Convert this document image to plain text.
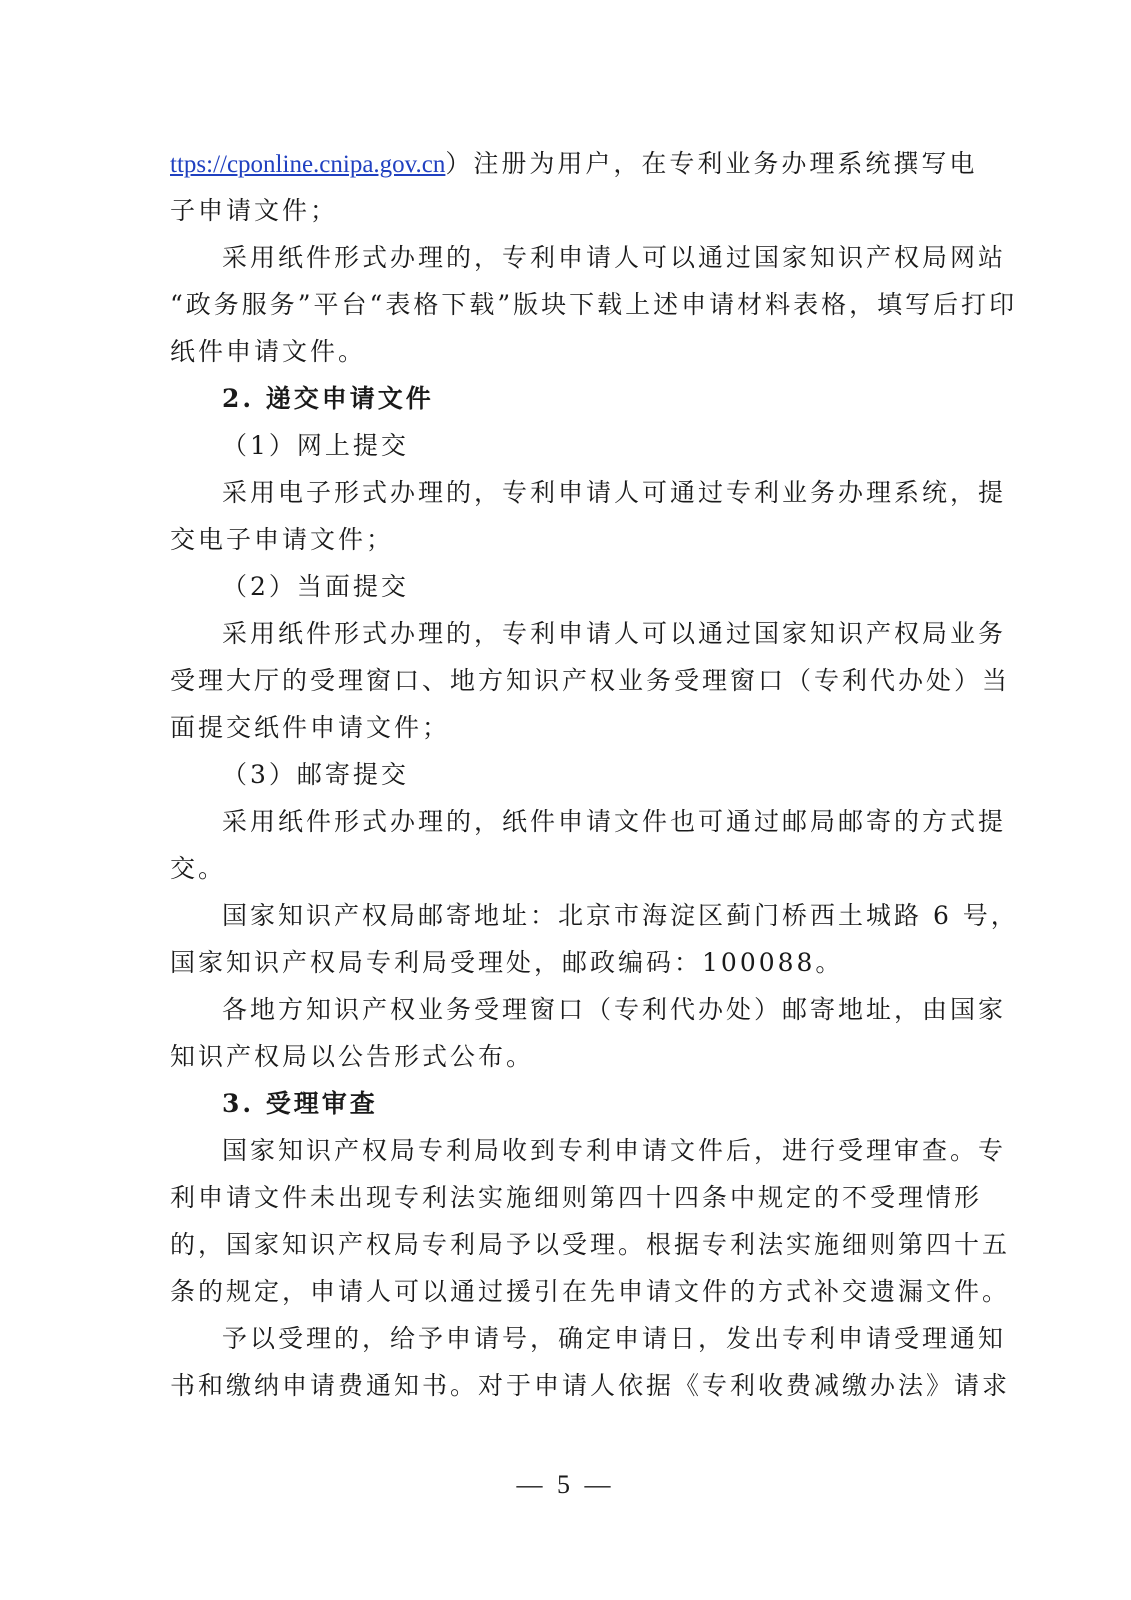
ttps://cponline.cnipa.gov.cn）注册为用户，在专利业务办理系统撰写电
子申请文件；
采用纸件形式办理的，专利申请人可以通过国家知识产权局网站
“政务服务”平台“表格下载”版块下载上述申请材料表格，填写后打印
纸件申请文件。
2. 递交申请文件
（1）网上提交
采用电子形式办理的，专利申请人可通过专利业务办理系统，提
交电子申请文件；
（2）当面提交
采用纸件形式办理的，专利申请人可以通过国家知识产权局业务
受理大厅的受理窗口、地方知识产权业务受理窗口（专利代办处）当
面提交纸件申请文件；
（3）邮寄提交
采用纸件形式办理的，纸件申请文件也可通过邮局邮寄的方式提
交。
国家知识产权局邮寄地址：北京市海淀区蓟门桥西土城路 6 号，
国家知识产权局专利局受理处，邮政编码：100088。
各地方知识产权业务受理窗口（专利代办处）邮寄地址，由国家
知识产权局以公告形式公布。
3. 受理审查
国家知识产权局专利局收到专利申请文件后，进行受理审查。专
利申请文件未出现专利法实施细则第四十四条中规定的不受理情形
的，国家知识产权局专利局予以受理。根据专利法实施细则第四十五
条的规定，申请人可以通过援引在先申请文件的方式补交遗漏文件。
予以受理的，给予申请号，确定申请日，发出专利申请受理通知
书和缴纳申请费通知书。对于申请人依据《专利收费减缴办法》请求
— 5 —
